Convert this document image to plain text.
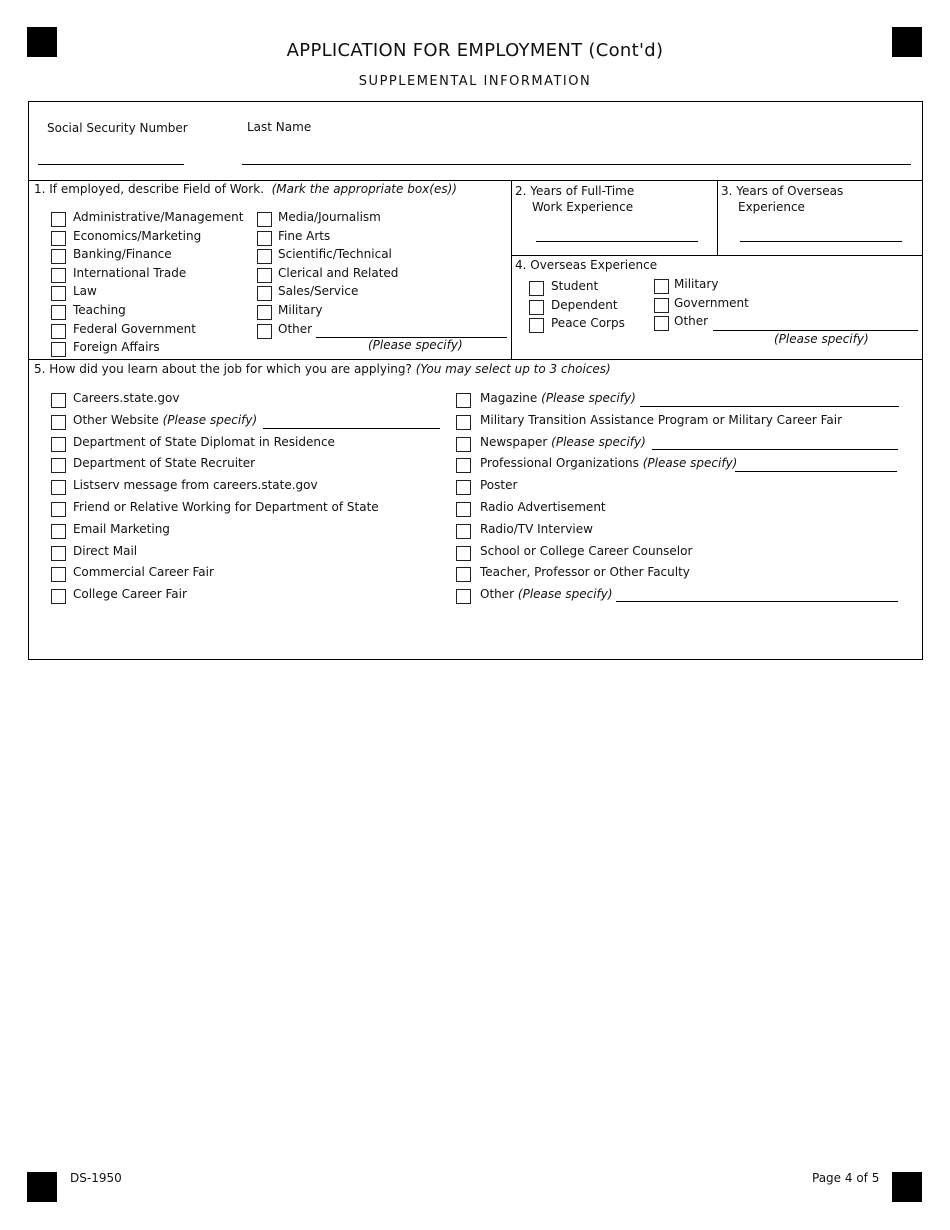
APPLICATION FOR EMPLOYMENT (Cont'd)
SUPPLEMENTAL INFORMATION
Social Security Number	Last Name
1. If employed, describe Field of Work. (Mark the appropriate box(es))
Administrative/Management
Economics/Marketing
Banking/Finance
International Trade
Law
Teaching
Federal Government
Foreign Affairs
Media/Journalism
Fine Arts
Scientific/Technical
Clerical and Related
Sales/Service
Military
Other
(Please specify)
2. Years of Full-Time
Work Experience
3. Years of Overseas
Experience
4. Overseas Experience
Student
Dependent
Peace Corps
Military
Government
Other
(Please specify)
5. How did you learn about the job for which you are applying? (You may select up to 3 choices)
Careers.state.gov
Other Website (Please specify)
Department of State Diplomat in Residence
Department of State Recruiter
Listserv message from careers.state.gov
Friend or Relative Working for Department of State
Email Marketing
Direct Mail
Commercial Career Fair
College Career Fair
Magazine (Please specify)
Military Transition Assistance Program or Military Career Fair
Newspaper (Please specify)
Professional Organizations (Please specify)
Poster
Radio Advertisement
Radio/TV Interview
School or College Career Counselor
Teacher, Professor or Other Faculty
Other (Please specify)
DS-1950	Page 4 of 5
